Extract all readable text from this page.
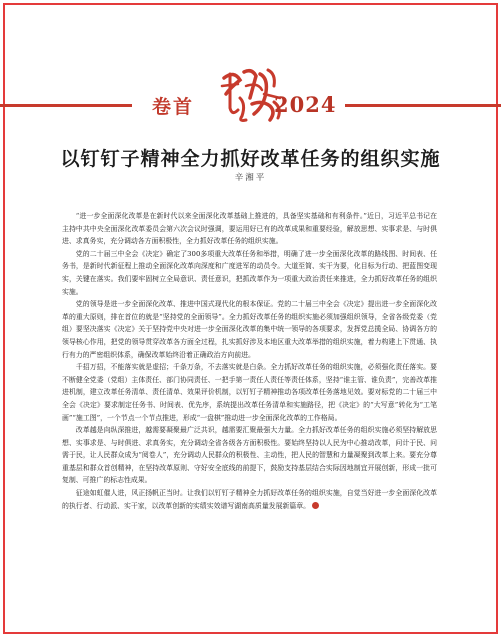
卷首	2024
以钉钉子精神全力抓好改革任务的组织实施
辛湘平

“进一步全面深化改革是在新时代以来全面深化改革基础上推进的，具备坚实基础和有利条件。”近日，习近平总书记在主持中共中央全面深化改革委员会第六次会议时强调，要运用好已有的改革成果和重要经验，解放思想、实事求是、与时俱进、求真务实，充分调动各方面积极性，全力抓好改革任务的组织实施。

党的二十届三中全会《决定》确定了300多项重大改革任务和举措，明确了进一步全面深化改革的路线图、时间表、任务书，是新时代新征程上推动全面深化改革向深度和广度进军的动员令。大道至简、实干为要，化目标为行动、把蓝图变现实，关键在落实。我们要牢固树立全局意识、责任意识，把抓改革作为一项重大政治责任来推进，全力抓好改革任务的组织实施。

党的领导是进一步全面深化改革、推进中国式现代化的根本保证。党的二十届三中全会《决定》提出进一步全面深化改革的重大原则，排在首位的就是“坚持党的全面领导”。全力抓好改革任务的组织实施必须加强组织领导，全省各级党委（党组）要坚决落实《决定》关于坚持党中央对进一步全面深化改革的集中统一领导的各项要求，发挥党总揽全局、协调各方的领导核心作用，把党的领导贯穿改革各方面全过程，扎实抓好涉及本地区重大改革举措的组织实施，着力构建上下贯通、执行有力的严密组织体系，确保改革始终沿着正确政治方向前进。

千招万招，不能落实就是虚招；千条万条，不去落实就是白条。全力抓好改革任务的组织实施，必须强化责任落实。要不断健全党委（党组）主体责任、部门协同责任、一把手第一责任人责任等责任体系，坚持“谁主管、谁负责”，完善改革推进机制，建立改革任务清单、责任清单、效果评价机制，以钉钉子精神推动各项改革任务落地见效。要对标党的二十届三中全会《决定》要求制定任务书、时间表、优先序，系统提出改革任务清单和实施路径，把《决定》的“大写意”转化为“工笔画”“施工图”，一个节点一个节点推进，形成“一盘棋”推动进一步全面深化改革的工作格局。

改革越是向纵深推进，越需要凝聚最广泛共识，越需要汇聚最强大力量。全力抓好改革任务的组织实施必须坚持解放思想、实事求是、与时俱进、求真务实，充分调动全省各级各方面积极性。要始终坚持以人民为中心推动改革，问计于民、问需于民，让人民群众成为“阅卷人”，充分调动人民群众的积极性、主动性，把人民的智慧和力量凝聚到改革上来。要充分尊重基层和群众首创精神，在坚持改革原则、守好安全底线的前提下，鼓励支持基层结合实际因地制宜开展创新，形成一批可复制、可推广的标志性成果。

征途如虹催人进，风正扬帆正当时。让我们以钉钉子精神全力抓好改革任务的组织实施，自觉当好进一步全面深化改革的执行者、行动派、实干家，以改革创新的实绩实效谱写湖南高质量发展新篇章。
